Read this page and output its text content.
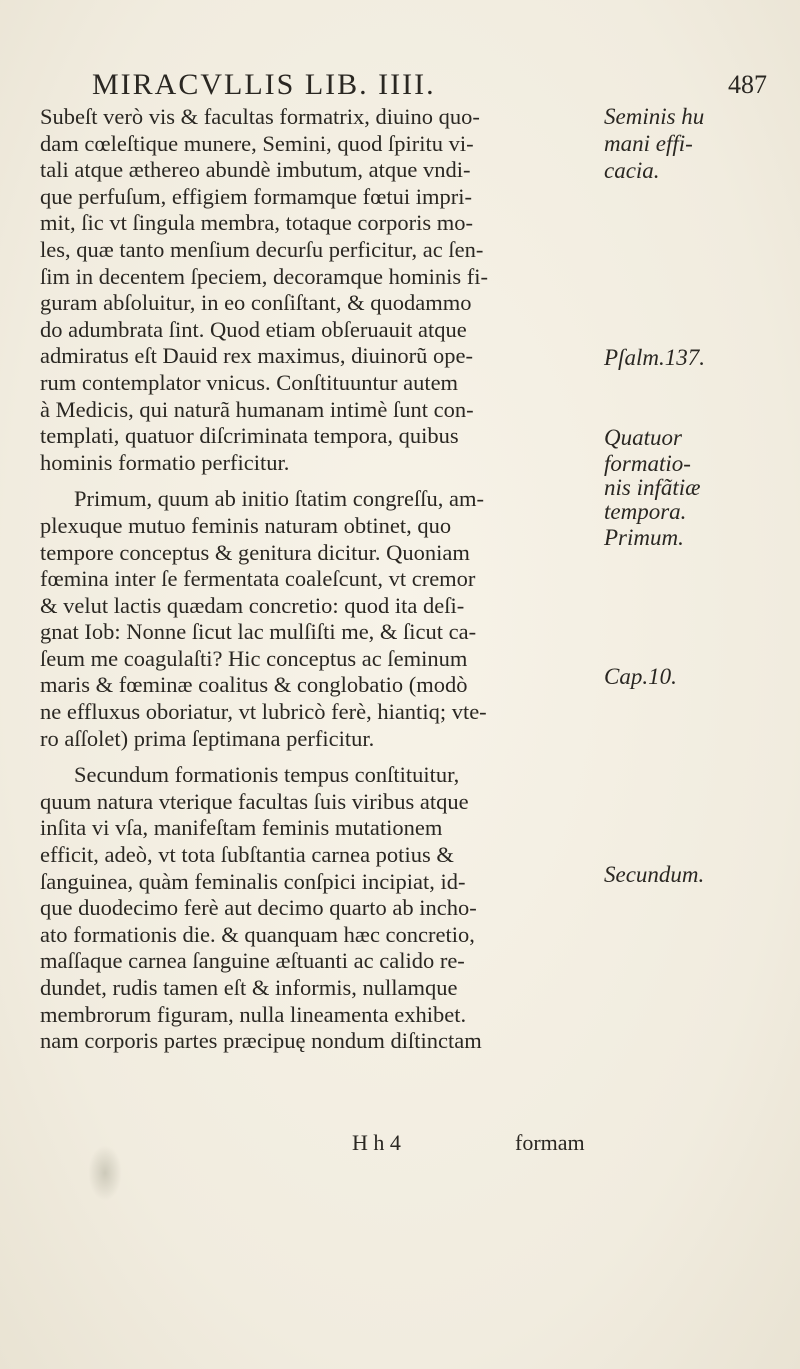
MIRACVLLIS LIB. IIII.	487
Subeſt verò vis & facultas formatrix, diuino quo-
dam cœleſtique munere, Semini, quod ſpiritu vi-
tali atque æthereo abundè imbutum, atque vndi-
que perfuſum, effigiem formamque fœtui impri-
mit, ſic vt ſingula membra, totaque corporis mo-
les, quæ tanto menſium decurſu perficitur, ac ſen-
ſim in decentem ſpeciem, decoramque hominis fi-
guram abſoluitur, in eo conſiſtant, & quodammo
do adumbrata ſint. Quod etiam obſeruauit atque
admiratus eſt Dauid rex maximus, diuinorũ ope-
rum contemplator vnicus. Conſtituuntur autem
à Medicis, qui naturã humanam intimè ſunt con-
templati, quatuor diſcriminata tempora, quibus
hominis formatio perficitur.
Primum, quum ab initio ſtatim congreſſu, am-
plexuque mutuo feminis naturam obtinet, quo
tempore conceptus & genitura dicitur. Quoniam
fœmina inter ſe fermentata coaleſcunt, vt cremor
& velut lactis quædam concretio: quod ita deſi-
gnat Iob: Nonne ſicut lac mulſiſti me, & ſicut ca-
ſeum me coagulaſti? Hic conceptus ac ſeminum
maris & fœminæ coalitus & conglobatio (modò
ne effluxus oboriatur, vt lubricò ferè, hiantiq; vte-
ro aſſolet) prima ſeptimana perficitur.
Secundum formationis tempus conſtituitur,
quum natura vterique facultas ſuis viribus atque
inſita vi vſa, manifeſtam feminis mutationem
efficit, adeò, vt tota ſubſtantia carnea potius &
ſanguinea, quàm feminalis conſpici incipiat, id-
que duodecimo ferè aut decimo quarto ab incho-
ato formationis die. & quanquam hæc concretio,
maſſaque carnea ſanguine æſtuanti ac calido re-
dundet, rudis tamen eſt & informis, nullamque
membrorum figuram, nulla lineamenta exhibet.
nam corporis partes præcipuę nondum diſtinctam
Seminis hu
mani effi-
cacia.
Pſalm.137.
Quatuor
formatio-
nis infãtiæ
tempora.
Primum.
Cap.10.
Secundum.
H h 4	formam
